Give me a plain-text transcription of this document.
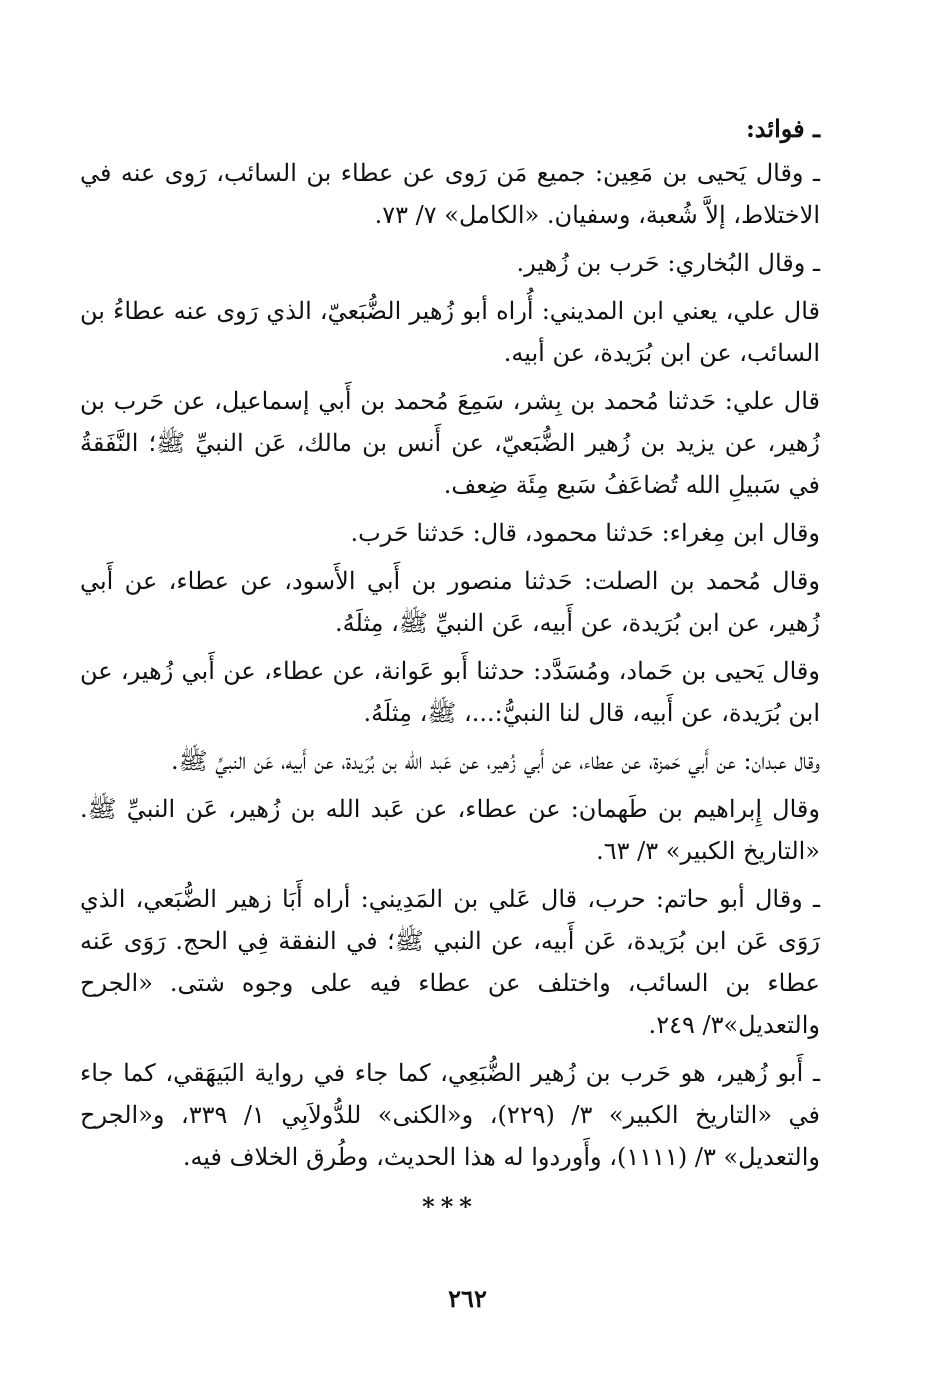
ـ فوائد:

ـ وقال يَحيى بن مَعِين: جميع مَن رَوى عن عطاء بن السائب، رَوى عنه في الاختلاط، إلاَّ شُعبة، وسفيان. «الكامل» ٧/ ٧٣.

ـ وقال البُخاري: حَرب بن زُهير.

قال علي، يعني ابن المديني: أُراه أبو زُهير الضُّبَعيّ، الذي رَوى عنه عطاءُ بن السائب، عن ابن بُرَيدة، عن أبيه.

قال علي: حَدثنا مُحمد بن بِشر، سَمِعَ مُحمد بن أَبي إسماعيل، عن حَرب بن زُهير، عن يزيد بن زُهير الضُّبَعيّ، عن أَنس بن مالك، عَن النبيِّ ﷺ؛ النَّفَقةُ في سَبيلِ الله تُضاعَفُ سَبع مِئَة ضِعف.

وقال ابن مِغراء: حَدثنا محمود، قال: حَدثنا حَرب.

وقال مُحمد بن الصلت: حَدثنا منصور بن أَبي الأَسود، عن عطاء، عن أَبي زُهير، عن ابن بُرَيدة، عن أَبيه، عَن النبيِّ ﷺ، مِثلَهُ.

وقال يَحيى بن حَماد، ومُسَدَّد: حدثنا أَبو عَوانة، عن عطاء، عن أَبي زُهير، عن ابن بُرَيدة، عن أَبيه، قال لنا النبيُّ:...، ﷺ، مِثلَهُ.

وقال عبدان: عن أَبي حَمزة، عن عطاء، عن أَبي زُهير، عن عَبد الله بن بُرَيدة، عن أَبيه، عَن النبيِّ ﷺ.

وقال إِبراهيم بن طَهمان: عن عطاء، عن عَبد الله بن زُهير، عَن النبيِّ ﷺ. «التاريخ الكبير» ٣/ ٦٣.

ـ وقال أبو حاتم: حرب، قال عَلي بن المَدِيني: أراه أَبَا زهير الضُّبَعي، الذي رَوَى عَن ابن بُرَيدة، عَن أَبيه، عن النبي ﷺ؛ في النفقة فِي الحج. رَوَى عَنه عطاء بن السائب، واختلف عن عطاء فيه على وجوه شتى. «الجرح والتعديل»٣/ ٢٤٩.

ـ أَبو زُهير، هو حَرب بن زُهير الضُّبَعِي، كما جاء في رواية البَيهَقي، كما جاء في «التاريخ الكبير» ٣/ (٢٢٩)، و«الكنى» للدُّولاَبِي ١/ ٣٣٩، و«الجرح والتعديل» ٣/ (١١١١)، وأَوردوا له هذا الحديث، وطُرق الخلاف فيه.

***
٢٦٢
